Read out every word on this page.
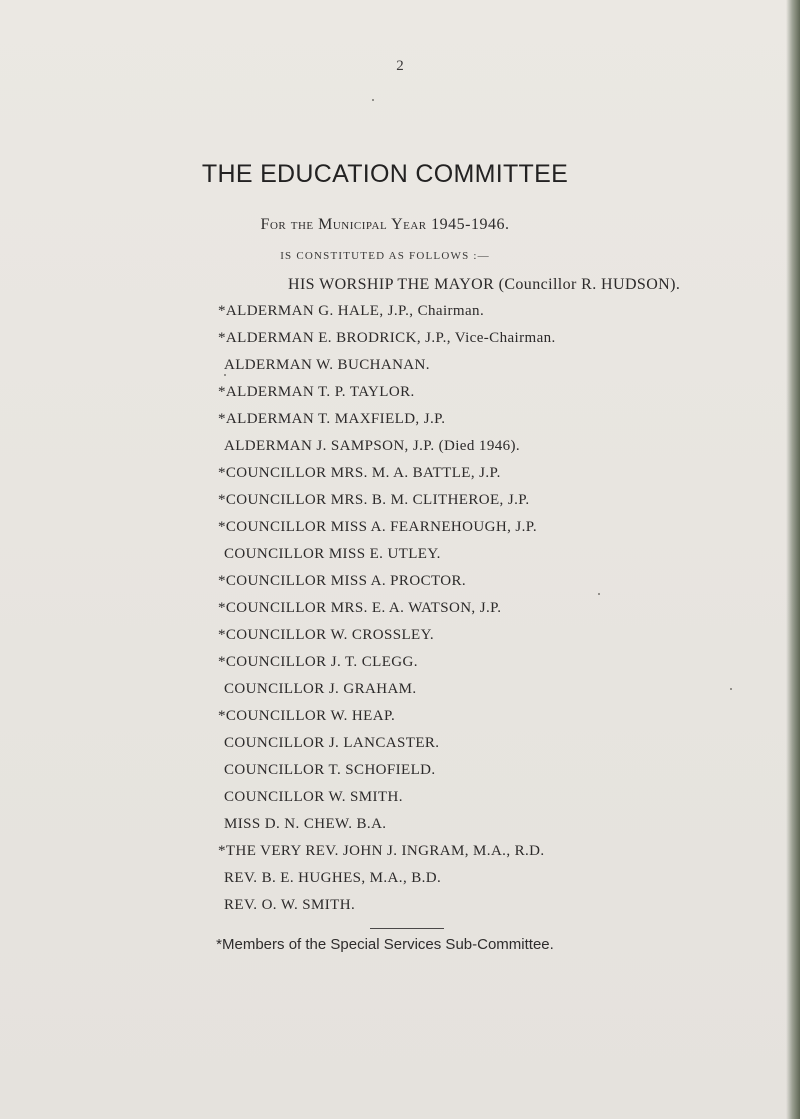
2
THE EDUCATION COMMITTEE
For the Municipal Year 1945-1946.
IS CONSTITUTED AS FOLLOWS :—
HIS WORSHIP THE MAYOR (Councillor R. HUDSON).
*ALDERMAN G. HALE, J.P., Chairman.
*ALDERMAN E. BRODRICK, J.P., Vice-Chairman.
ALDERMAN W. BUCHANAN.
*ALDERMAN T. P. TAYLOR.
*ALDERMAN T. MAXFIELD, J.P.
ALDERMAN J. SAMPSON, J.P. (Died 1946).
*COUNCILLOR MRS. M. A. BATTLE, J.P.
*COUNCILLOR MRS. B. M. CLITHEROE, J.P.
*COUNCILLOR MISS A. FEARNEHOUGH, J.P.
COUNCILLOR MISS E. UTLEY.
*COUNCILLOR MISS A. PROCTOR.
*COUNCILLOR MRS. E. A. WATSON, J.P.
*COUNCILLOR W. CROSSLEY.
*COUNCILLOR J. T. CLEGG.
COUNCILLOR J. GRAHAM.
*COUNCILLOR W. HEAP.
COUNCILLOR J. LANCASTER.
COUNCILLOR T. SCHOFIELD.
COUNCILLOR W. SMITH.
MISS D. N. CHEW. B.A.
*THE VERY REV. JOHN J. INGRAM, M.A., R.D.
REV. B. E. HUGHES, M.A., B.D.
REV. O. W. SMITH.
*Members of the Special Services Sub-Committee.
